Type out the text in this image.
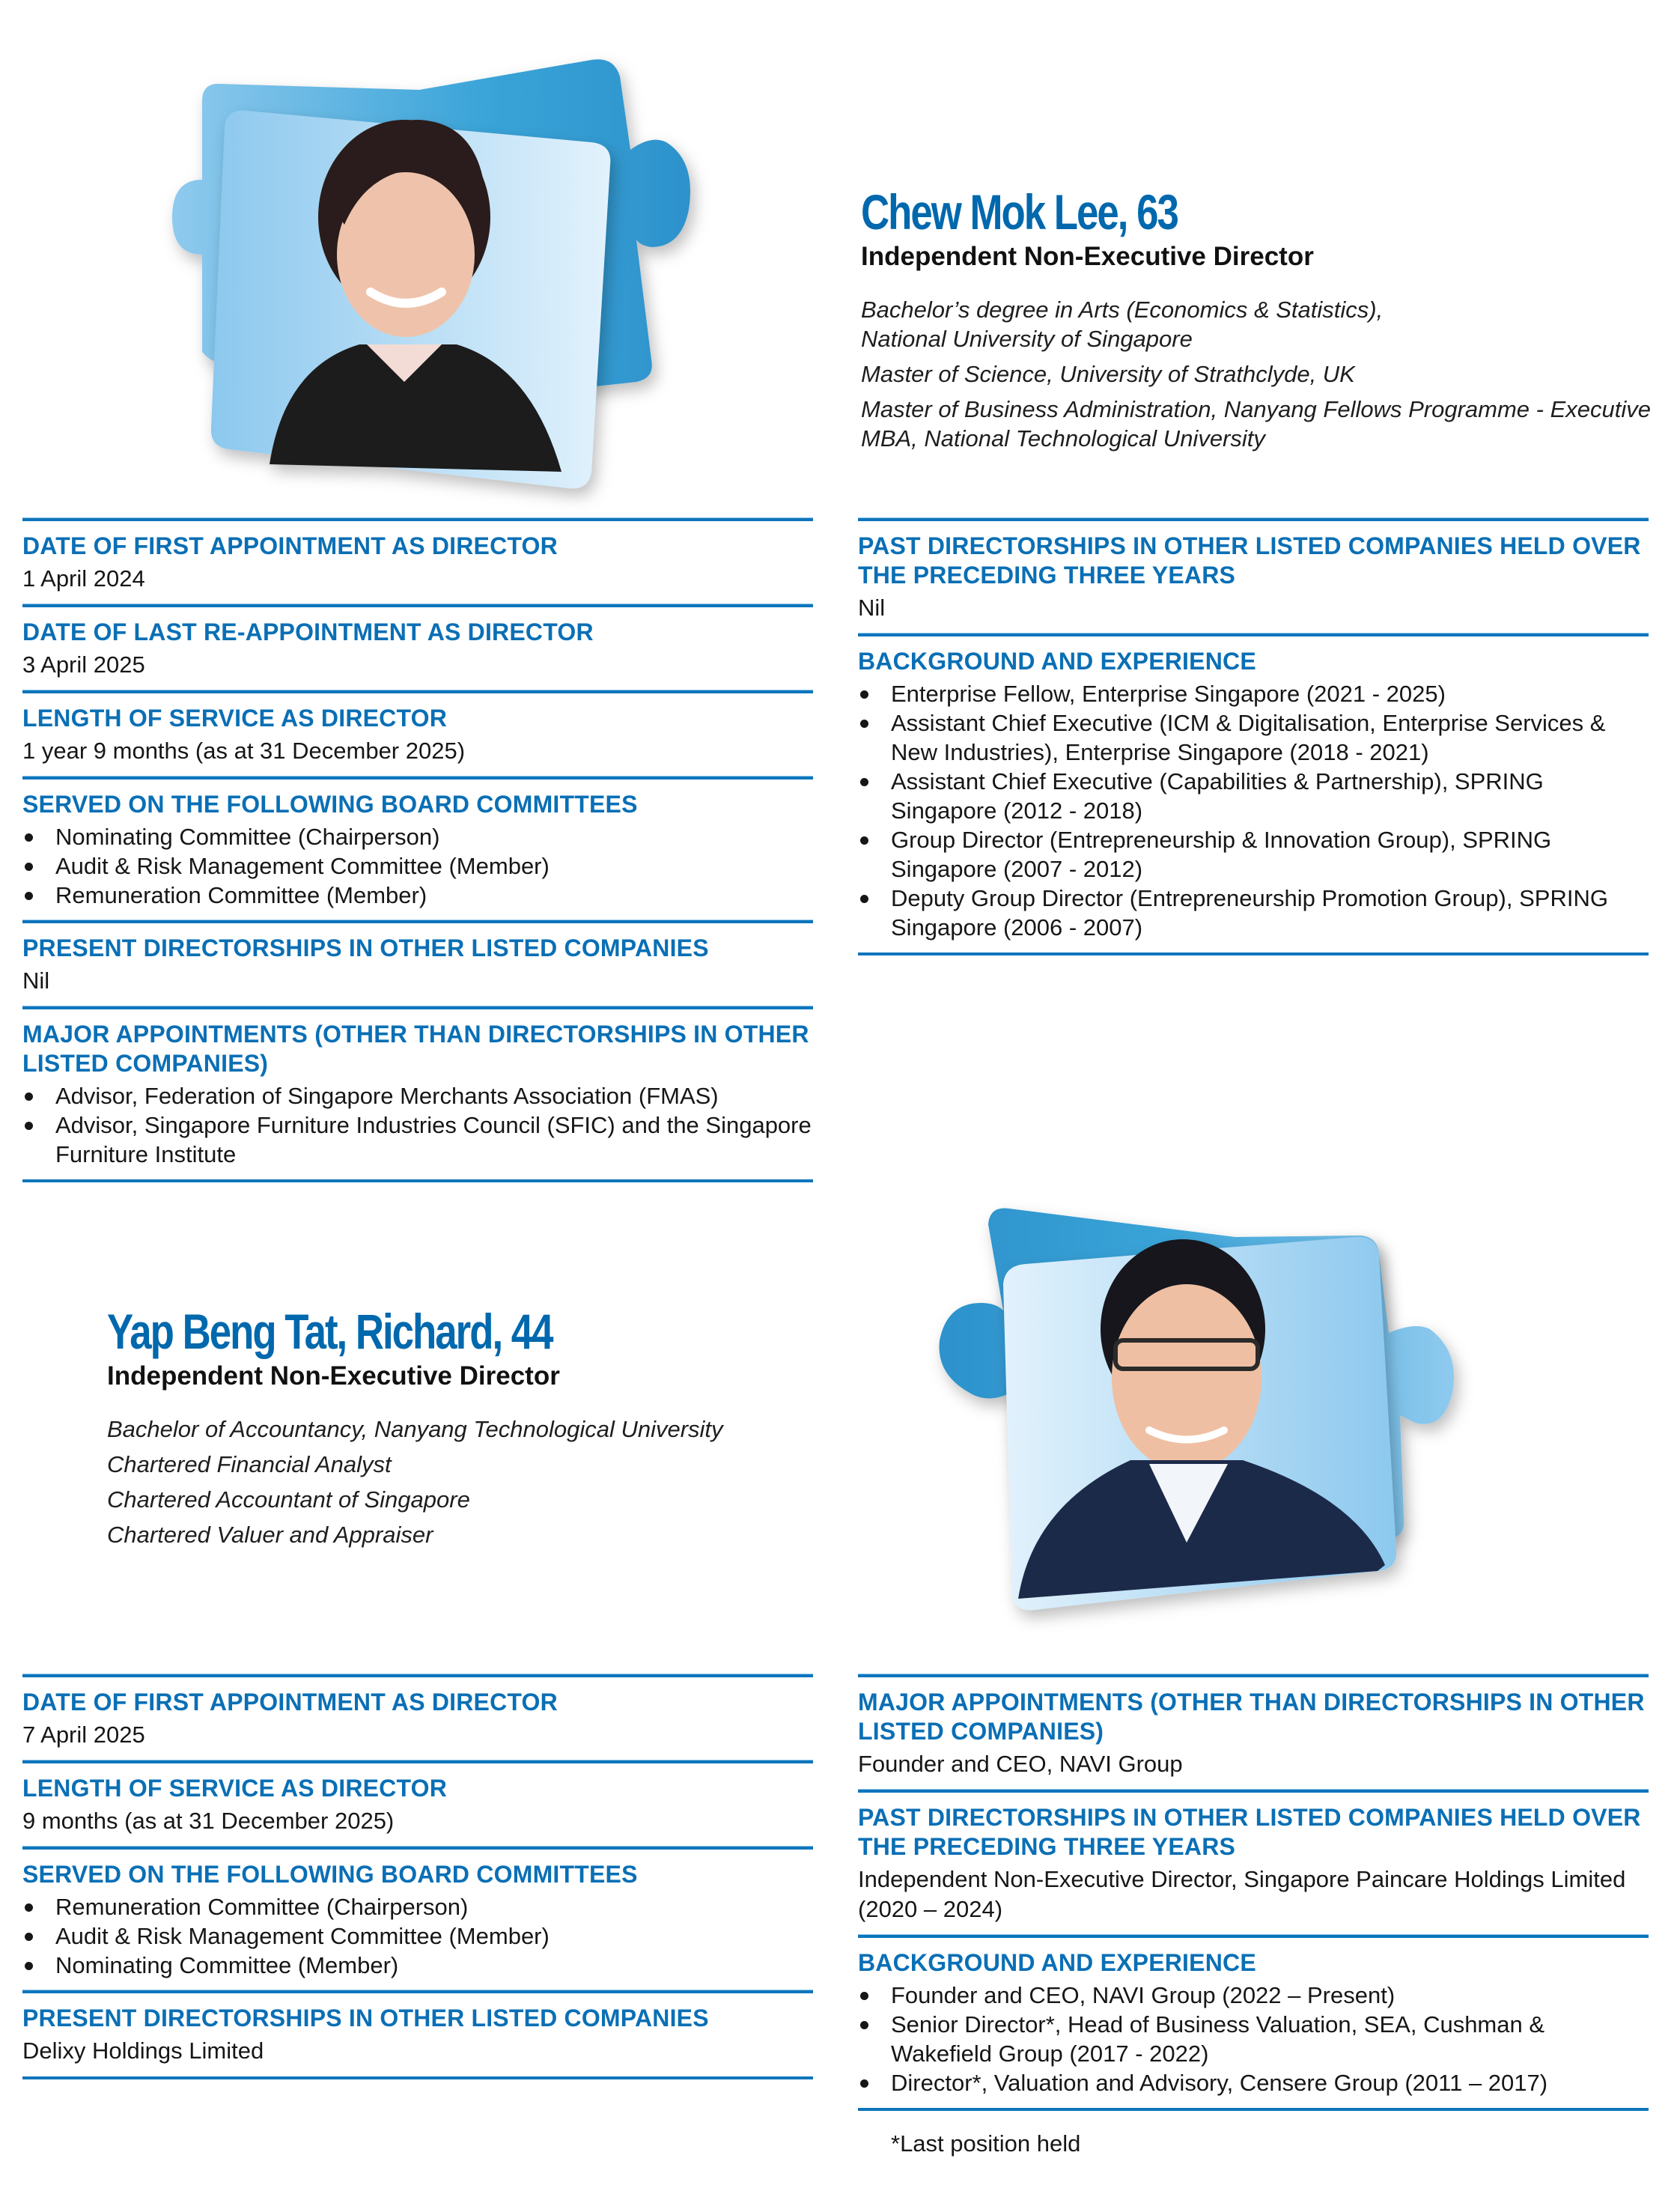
Chew Mok Lee, 63
Independent Non-Executive Director
Bachelor’s degree in Arts (Economics & Statistics), National University of Singapore
Master of Science, University of Strathclyde, UK
Master of Business Administration, Nanyang Fellows Programme - Executive MBA, National Technological University
DATE OF FIRST APPOINTMENT AS DIRECTOR
1 April 2024
DATE OF LAST RE-APPOINTMENT AS DIRECTOR
3 April 2025
LENGTH OF SERVICE AS DIRECTOR
1 year 9 months (as at 31 December 2025)
SERVED ON THE FOLLOWING BOARD COMMITTEES
Nominating Committee (Chairperson)
Audit & Risk Management Committee (Member)
Remuneration Committee (Member)
PRESENT DIRECTORSHIPS IN OTHER LISTED COMPANIES
Nil
MAJOR APPOINTMENTS (OTHER THAN DIRECTORSHIPS IN OTHER LISTED COMPANIES)
Advisor, Federation of Singapore Merchants Association (FMAS)
Advisor, Singapore Furniture Industries Council (SFIC) and the Singapore Furniture Institute
PAST DIRECTORSHIPS IN OTHER LISTED COMPANIES HELD OVER THE PRECEDING THREE YEARS
Nil
BACKGROUND AND EXPERIENCE
Enterprise Fellow, Enterprise Singapore (2021 - 2025)
Assistant Chief Executive (ICM & Digitalisation, Enterprise Services & New Industries), Enterprise Singapore (2018 - 2021)
Assistant Chief Executive (Capabilities & Partnership), SPRING Singapore (2012 - 2018)
Group Director (Entrepreneurship & Innovation Group), SPRING Singapore (2007 - 2012)
Deputy Group Director (Entrepreneurship Promotion Group), SPRING Singapore (2006 - 2007)
Yap Beng Tat, Richard, 44
Independent Non-Executive Director
Bachelor of Accountancy, Nanyang Technological University
Chartered Financial Analyst
Chartered Accountant of Singapore
Chartered Valuer and Appraiser
DATE OF FIRST APPOINTMENT AS DIRECTOR
7 April 2025
LENGTH OF SERVICE AS DIRECTOR
9 months (as at 31 December 2025)
SERVED ON THE FOLLOWING BOARD COMMITTEES
Remuneration Committee (Chairperson)
Audit & Risk Management Committee (Member)
Nominating Committee (Member)
PRESENT DIRECTORSHIPS IN OTHER LISTED COMPANIES
Delixy Holdings Limited
MAJOR APPOINTMENTS (OTHER THAN DIRECTORSHIPS IN OTHER LISTED COMPANIES)
Founder and CEO, NAVI Group
PAST DIRECTORSHIPS IN OTHER LISTED COMPANIES HELD OVER THE PRECEDING THREE YEARS
Independent Non-Executive Director, Singapore Paincare Holdings Limited (2020 – 2024)
BACKGROUND AND EXPERIENCE
Founder and CEO, NAVI Group (2022 – Present)
Senior Director*, Head of Business Valuation, SEA, Cushman & Wakefield Group (2017 - 2022)
Director*, Valuation and Advisory, Censere Group (2011 – 2017)
*Last position held
